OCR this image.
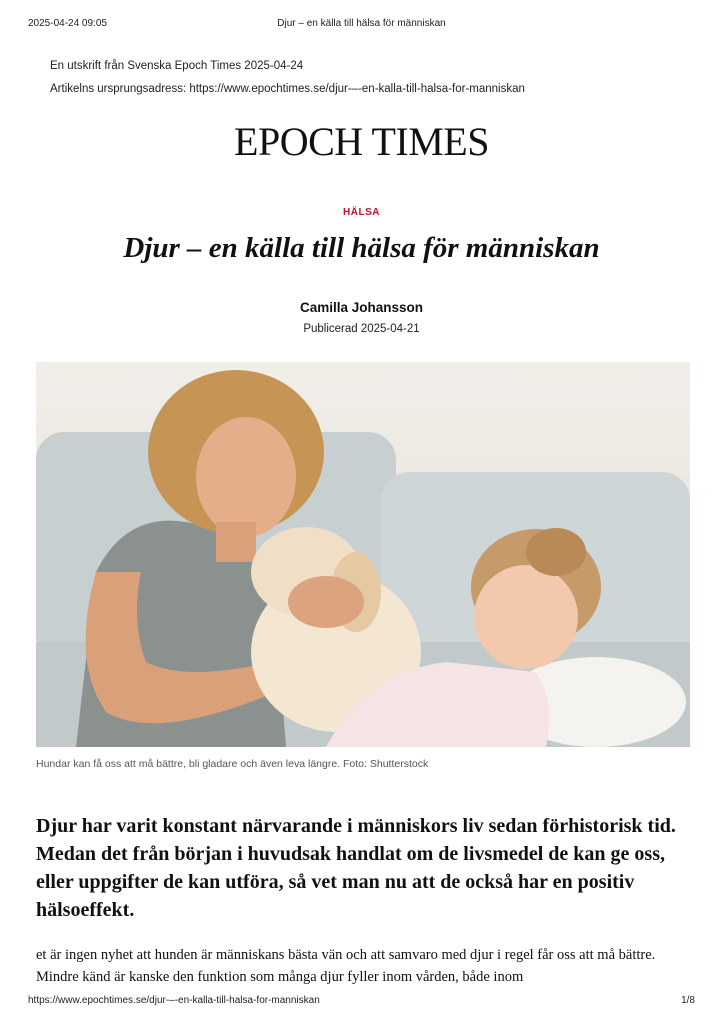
2025-04-24 09:05	Djur – en källa till hälsa för människan
En utskrift från Svenska Epoch Times 2025-04-24
Artikelns ursprungsadress: https://www.epochtimes.se/djur-–-en-kalla-till-halsa-for-manniskan
EPOCH TIMES
HÄLSA
Djur – en källa till hälsa för människan
Camilla Johansson
Publicerad 2025-04-21
Hundar kan få oss att må bättre, bli gladare och även leva längre. Foto: Shutterstock

Djur har varit konstant närvarande i människors liv sedan förhistorisk tid. Medan det från början i huvudsak handlat om de livsmedel de kan ge oss, eller uppgifter de kan utföra, så vet man nu att de också har en positiv hälsoeffekt.

et är ingen nyhet att hunden är människans bästa vän och att samvaro med djur i regel får oss att må bättre. Mindre känd är kanske den funktion som många djur fyller inom vården, både inom

https://www.epochtimes.se/djur-–-en-kalla-till-halsa-for-manniskan	1/8
